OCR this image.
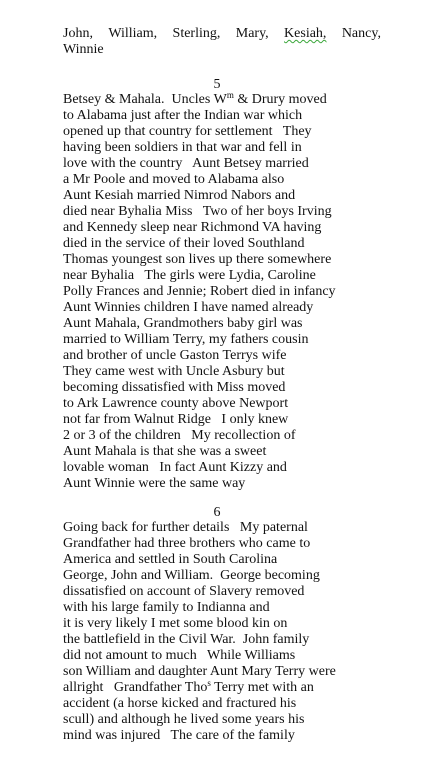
John, William, Sterling, Mary, Kesiah, Nancy,
Winnie
5
Betsey & Mahala.  Uncles $W^m$ & Drury moved
to Alabama just after the Indian war which
opened up that country for settlement   They
having been soldiers in that war and fell in
love with the country   Aunt Betsey married
a Mr Poole and moved to Alabama also
Aunt Kesiah married Nimrod Nabors and
died near Byhalia Miss   Two of her boys Irving
and Kennedy sleep near Richmond VA having
died in the service of their loved Southland
Thomas youngest son lives up there somewhere
near Byhalia   The girls were Lydia, Caroline
Polly Frances and Jennie; Robert died in infancy
Aunt Winnies children I have named already
Aunt Mahala, Grandmothers baby girl was
married to William Terry, my fathers cousin
and brother of uncle Gaston Terrys wife
They came west with Uncle Asbury but
becoming dissatisfied with Miss moved
to Ark Lawrence county above Newport
not far from Walnut Ridge   I only knew
2 or 3 of the children   My recollection of
Aunt Mahala is that she was a sweet
lovable woman   In fact Aunt Kizzy and
Aunt Winnie were the same way
6
Going back for further details   My paternal
Grandfather had three brothers who came to
America and settled in South Carolina
George, John and William.  George becoming
dissatisfied on account of Slavery removed
with his large family to Indianna and
it is very likely I met some blood kin on
the battlefield in the Civil War.  John family
did not amount to much   While Williams
son William and daughter Aunt Mary Terry were
allright   Grandfather Tho$^s$ Terry met with an
accident (a horse kicked and fractured his
scull) and although he lived some years his
mind was injured   The care of the family
